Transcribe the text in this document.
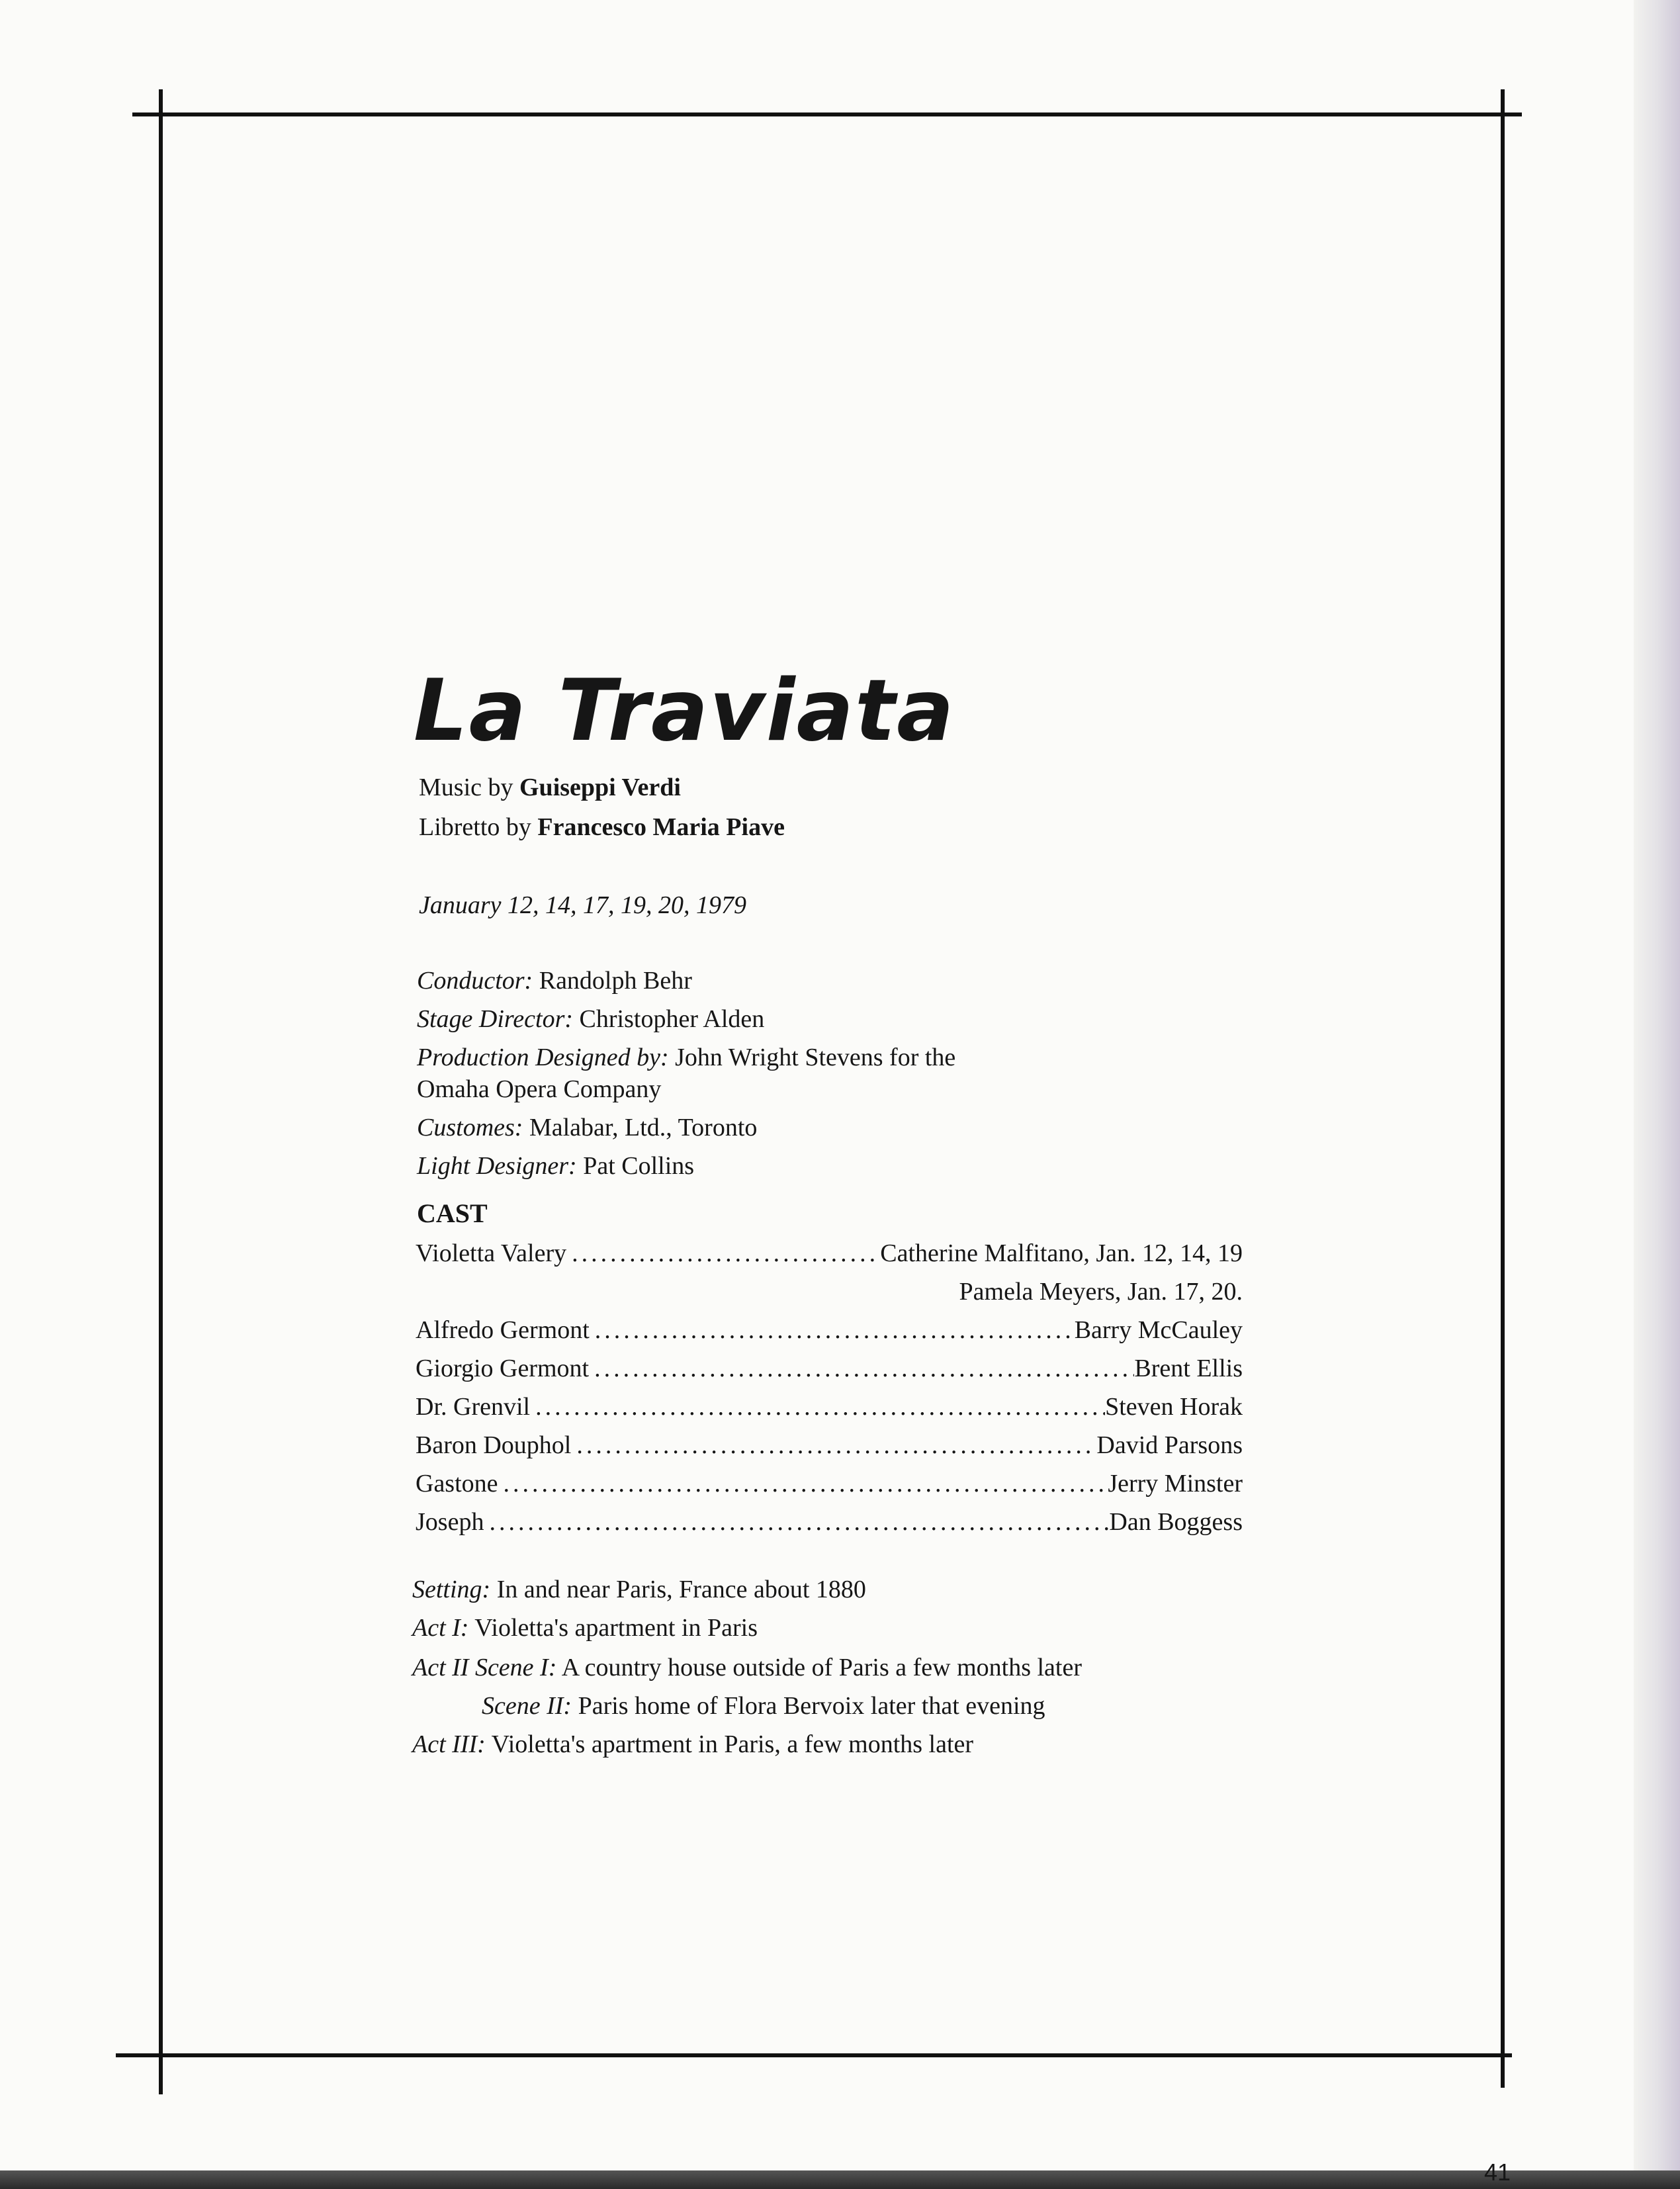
La Traviata
Music by Guiseppi Verdi
Libretto by Francesco Maria Piave
January 12, 14, 17, 19, 20, 1979
Conductor: Randolph Behr
Stage Director: Christopher Alden
Production Designed by: John Wright Stevens for the
Omaha Opera Company
Customes: Malabar, Ltd., Toronto
Light Designer: Pat Collins
CAST
Violetta Valery .....	Catherine Malfitano, Jan. 12, 14, 19
Pamela Meyers, Jan. 17, 20.
Alfredo Germont .....	Barry McCauley
Giorgio Germont .....	Brent Ellis
Dr. Grenvil .....	Steven Horak
Baron Douphol .....	David Parsons
Gastone .....	Jerry Minster
Joseph .....	Dan Boggess
Setting: In and near Paris, France about 1880
Act I: Violetta's apartment in Paris
Act II Scene I: A country house outside of Paris a few months later
Scene II: Paris home of Flora Bervoix later that evening
Act III: Violetta's apartment in Paris, a few months later
41
